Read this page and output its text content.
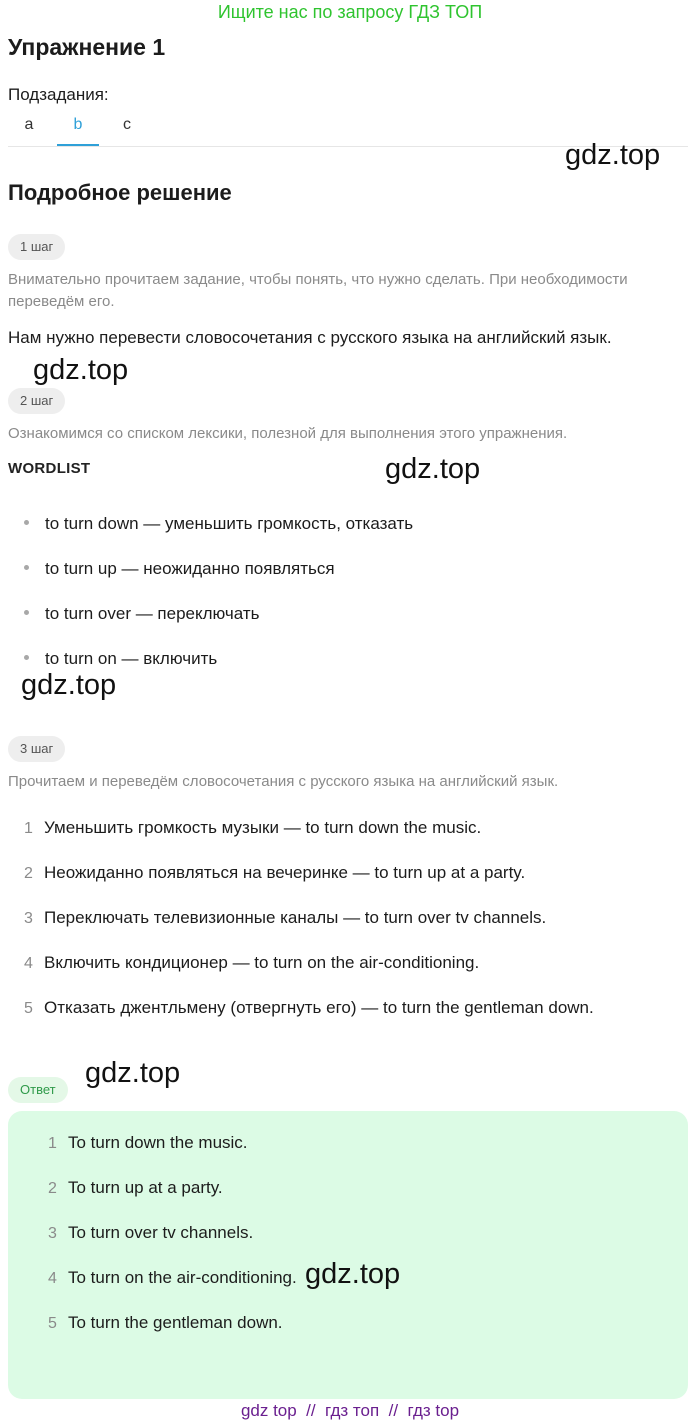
Ищите нас по запросу ГДЗ ТОП
Упражнение 1
Подзадания:
a	b	c
gdz.top
Подробное решение
1 шаг
Внимательно прочитаем задание, чтобы понять, что нужно сделать. При необходимости переведём его.
Нам нужно перевести словосочетания с русского языка на английский язык.
gdz.top
2 шаг
Ознакомимся со списком лексики, полезной для выполнения этого упражнения.
WORDLIST	gdz.top
to turn down — уменьшить громкость, отказать
to turn up — неожиданно появляться
to turn over — переключать
to turn on — включить
gdz.top
3 шаг
Прочитаем и переведём словосочетания с русского языка на английский язык.
1 Уменьшить громкость музыки — to turn down the music.
2 Неожиданно появляться на вечеринке — to turn up at a party.
3 Переключать телевизионные каналы — to turn over tv channels.
4 Включить кондиционер — to turn on the air-conditioning.
5 Отказать джентльмену (отвергнуть его) — to turn the gentleman down.
gdz.top
Ответ
1 To turn down the music.
2 To turn up at a party.
3 To turn over tv channels.
4 To turn on the air-conditioning.
5 To turn the gentleman down.
gdz.top
gdz top  //  гдз топ  //  гдз top
